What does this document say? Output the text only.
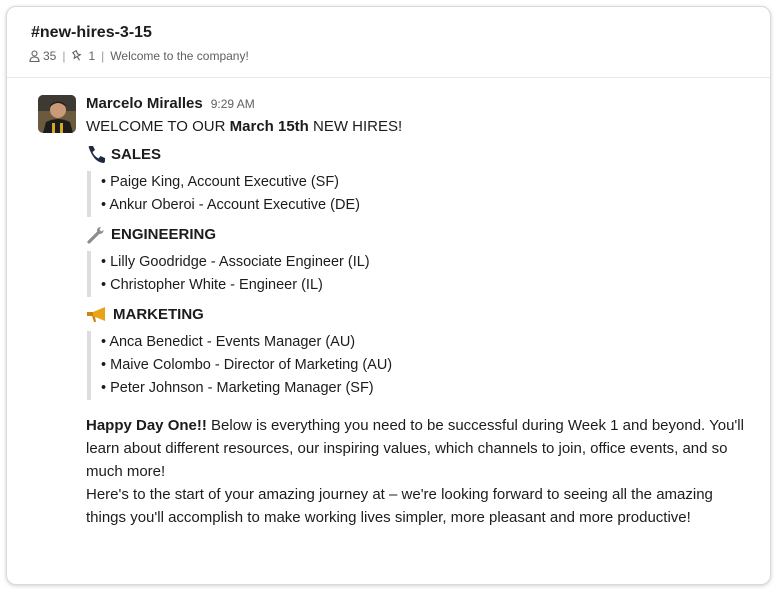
#new-hires-3-15
35 | 1 | Welcome to the company!
Marcelo Miralles 9:29 AM
WELCOME TO OUR March 15th NEW HIRES!
SALES
• Paige King, Account Executive (SF)
• Ankur Oberoi - Account Executive (DE)
ENGINEERING
• Lilly Goodridge - Associate Engineer (IL)
• Christopher White - Engineer (IL)
MARKETING
• Anca Benedict - Events Manager (AU)
• Maive Colombo - Director of Marketing (AU)
• Peter Johnson - Marketing Manager (SF)
Happy Day One!! Below is everything you need to be successful during Week 1 and beyond. You'll learn about different resources, our inspiring values, which channels to join, office events, and so much more!
Here's to the start of your amazing journey at – we're looking forward to seeing all the amazing things you'll accomplish to make working lives simpler, more pleasant and more productive!
